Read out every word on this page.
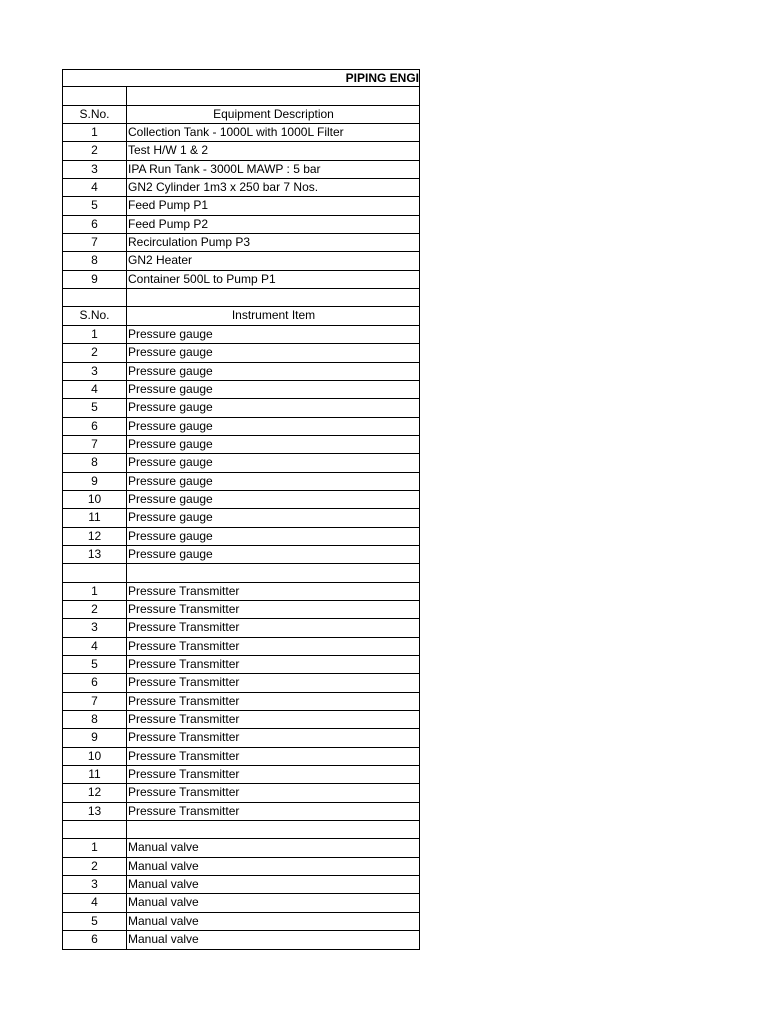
PIPING ENGI
S.No.	Equipment Description
1	Collection Tank - 1000L with 1000L Filter
2	Test H/W 1 & 2
3	IPA Run Tank - 3000L MAWP : 5 bar
4	GN2 Cylinder 1m3 x 250 bar 7 Nos.
5	Feed Pump P1
6	Feed Pump P2
7	Recirculation Pump P3
8	GN2 Heater
9	Container 500L to Pump P1
S.No.	Instrument Item
1	Pressure gauge
2	Pressure gauge
3	Pressure gauge
4	Pressure gauge
5	Pressure gauge
6	Pressure gauge
7	Pressure gauge
8	Pressure gauge
9	Pressure gauge
10	Pressure gauge
11	Pressure gauge
12	Pressure gauge
13	Pressure gauge
1	Pressure Transmitter
2	Pressure Transmitter
3	Pressure Transmitter
4	Pressure Transmitter
5	Pressure Transmitter
6	Pressure Transmitter
7	Pressure Transmitter
8	Pressure Transmitter
9	Pressure Transmitter
10	Pressure Transmitter
11	Pressure Transmitter
12	Pressure Transmitter
13	Pressure Transmitter
1	Manual valve
2	Manual valve
3	Manual valve
4	Manual valve
5	Manual valve
6	Manual valve
